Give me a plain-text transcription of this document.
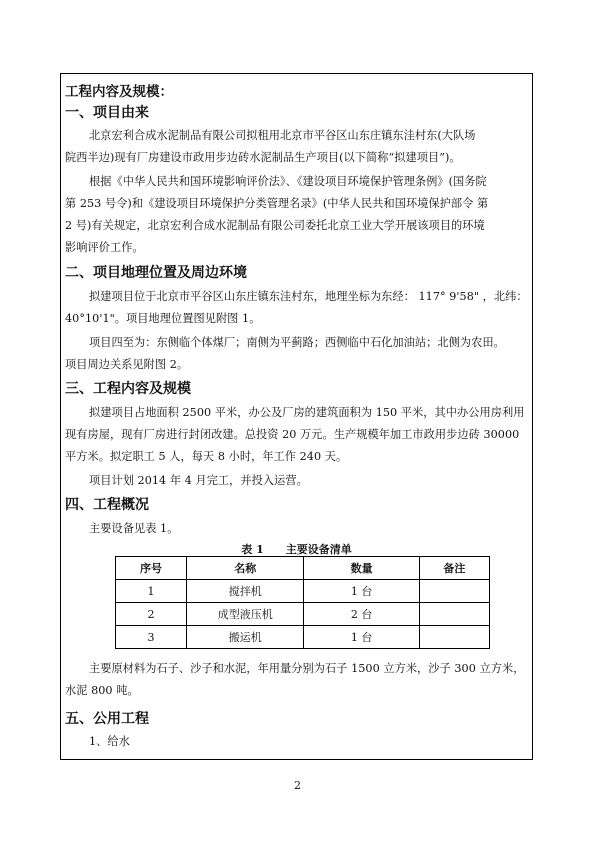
工程内容及规模：
一、项目由来
北京宏利合成水泥制品有限公司拟租用北京市平谷区山东庄镇东洼村东(大队场
院西半边)现有厂房建设市政用步边砖水泥制品生产项目(以下简称“拟建项目”)。
根据《中华人民共和国环境影响评价法》、《建设项目环境保护管理条例》(国务院
第 253 号令)和《建设项目环境保护分类管理名录》(中华人民共和国环境保护部令 第
2 号)有关规定，北京宏利合成水泥制品有限公司委托北京工业大学开展该项目的环境
影响评价工作。
二、项目地理位置及周边环境
拟建项目位于北京市平谷区山东庄镇东洼村东，地理坐标为东经： 117° 9'58" ，北纬：
40°10'1"。项目地理位置图见附图 1。
项目四至为：东侧临个体煤厂；南侧为平蓟路；西侧临中石化加油站；北侧为农田。
项目周边关系见附图 2。
三、工程内容及规模
拟建项目占地面积 2500 平米，办公及厂房的建筑面积为 150 平米，其中办公用房利用
现有房屋，现有厂房进行封闭改建。总投资 20 万元。生产规模年加工市政用步边砖 30000
平方米。拟定职工 5 人，每天 8 小时，年工作 240 天。
项目计划 2014 年 4 月完工，并投入运营。
四、工程概况
主要设备见表 1。
表 1　　主要设备清单
序号	名称	数量	备注
1	搅拌机	1 台	
2	成型液压机	2 台	
3	搬运机	1 台	
主要原材料为石子、沙子和水泥，年用量分别为石子 1500 立方米，沙子 300 立方米，
水泥 800 吨。
五、公用工程
1、给水
2
